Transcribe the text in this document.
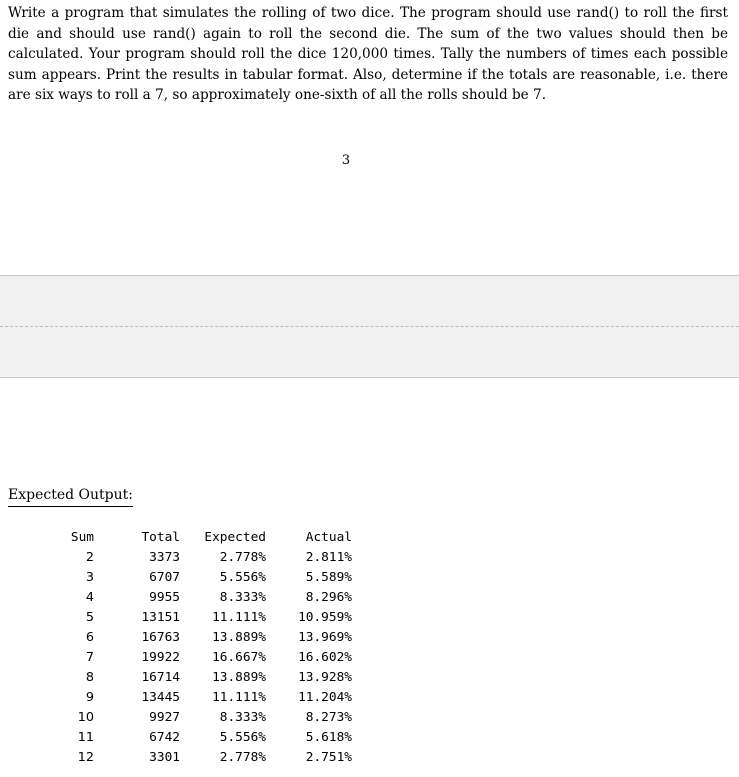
Write a program that simulates the rolling of two dice. The program should use rand() to roll the first die and should use rand() again to roll the second die. The sum of the two values should then be calculated. Your program should roll the dice 120,000 times. Tally the numbers of times each possible sum appears. Print the results in tabular format. Also, determine if the totals are reasonable, i.e. there are six ways to roll a 7, so approximately one-sixth of all the rolls should be 7.

3
Expected Output:
Sum	Total	Expected	Actual
2	3373	2.778%	2.811%
3	6707	5.556%	5.589%
4	9955	8.333%	8.296%
5	13151	11.111%	10.959%
6	16763	13.889%	13.969%
7	19922	16.667%	16.602%
8	16714	13.889%	13.928%
9	13445	11.111%	11.204%
10	9927	8.333%	8.273%
11	6742	5.556%	5.618%
12	3301	2.778%	2.751%
